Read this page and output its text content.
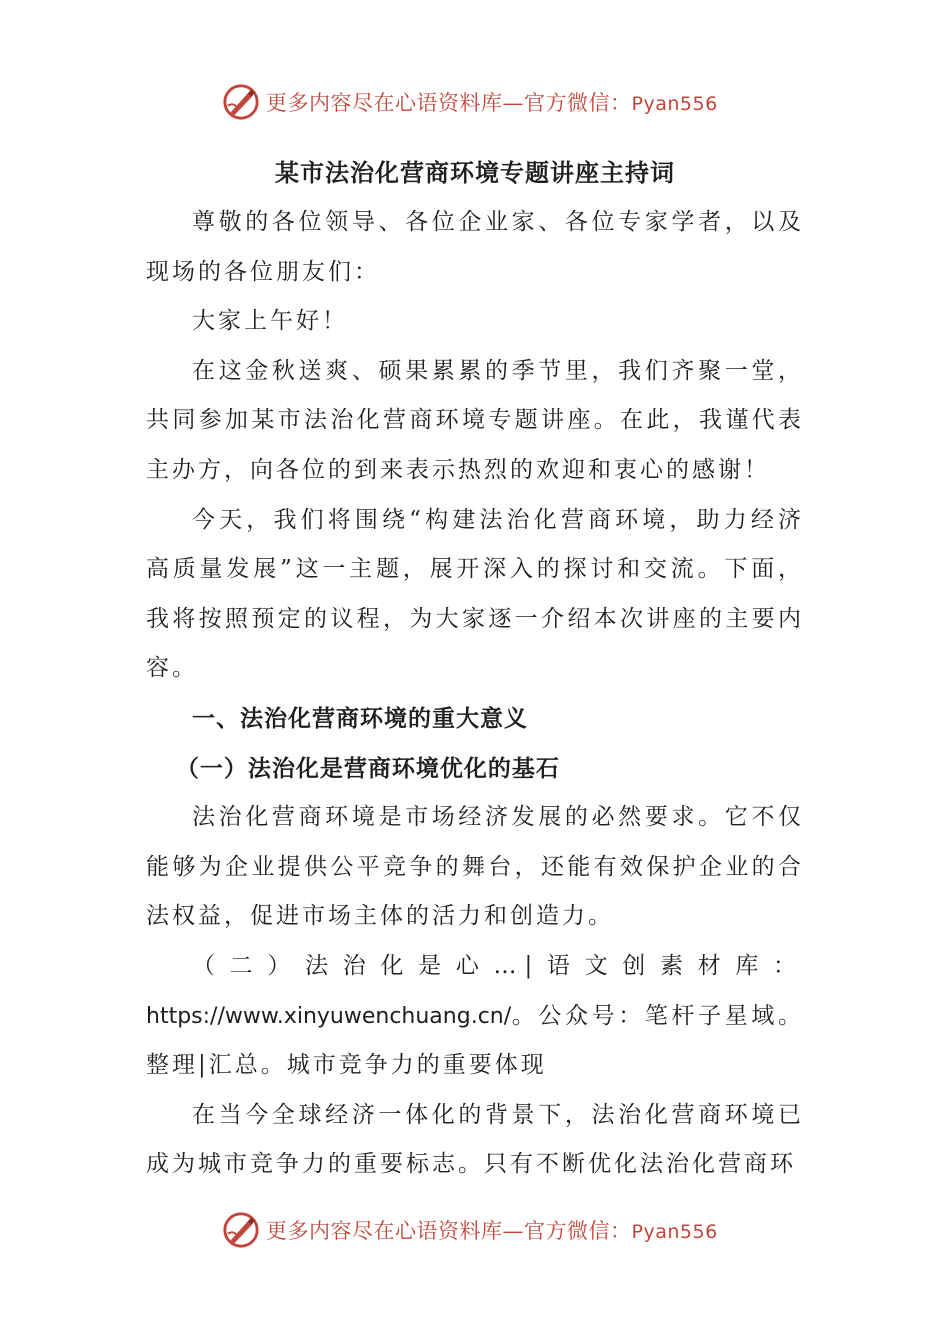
更多内容尽在心语资料库—官方微信：Pyan556
某市法治化营商环境专题讲座主持词

尊敬的各位领导、各位企业家、各位专家学者，以及现场的各位朋友们：

大家上午好！

在这金秋送爽、硕果累累的季节里，我们齐聚一堂，共同参加某市法治化营商环境专题讲座。在此，我谨代表主办方，向各位的到来表示热烈的欢迎和衷心的感谢！

今天，我们将围绕“构建法治化营商环境，助力经济高质量发展”这一主题，展开深入的探讨和交流。下面，我将按照预定的议程，为大家逐一介绍本次讲座的主要内容。

一、法治化营商环境的重大意义

（一）法治化是营商环境优化的基石

法治化营商环境是市场经济发展的必然要求。它不仅能够为企业提供公平竞争的舞台，还能有效保护企业的合法权益，促进市场主体的活力和创造力。

（二）法治化是心…|语文创素材库：https://www.xinyuwenchuang.cn/。公众号：笔杆子星域。整理|汇总。城市竞争力的重要体现

在当今全球经济一体化的背景下，法治化营商环境已成为城市竞争力的重要标志。只有不断优化法治化营商环

更多内容尽在心语资料库—官方微信：Pyan556
